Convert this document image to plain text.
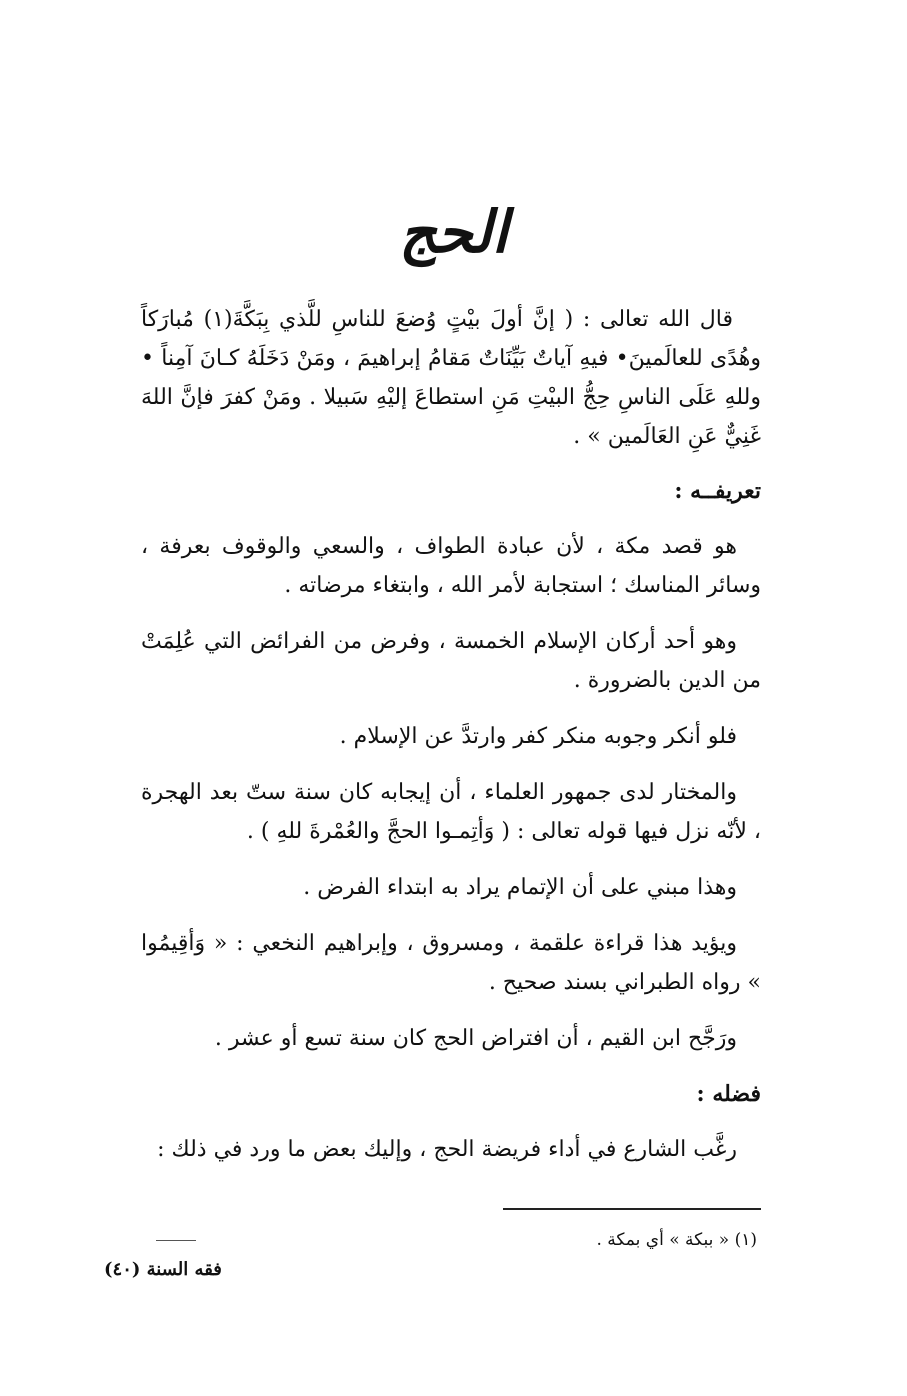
الحج

قال الله تعالى : ( إنَّ أولَ بيْتٍ وُضعَ للناسِ للَّذي بِبَكَّةَ(١) مُبارَكاً وهُدًى للعالَمينَ• فيهِ آياتٌ بَيِّنَاتٌ مَقامُ إبراهيمَ ، ومَنْ دَخَلَهُ كـانَ آمِناً • وللهِ عَلَى الناسِ حِجُّ البيْتِ مَنِ استطاعَ إليْهِ سَبيلا . ومَنْ كفرَ فإنَّ اللهَ غَنِيٌّ عَنِ العَالَمين » .

تعريفــه :

هو قصد مكة ، لأن عبادة الطواف ، والسعي والوقوف بعرفة ، وسائر المناسك ؛ استجابة لأمر الله ، وابتغاء مرضاته .

وهو أحد أركان الإسلام الخمسة ، وفرض من الفرائض التي عُلِمَتْ من الدين بالضرورة .

فلو أنكر وجوبه منكر كفر وارتدَّ عن الإسلام .

والمختار لدى جمهور العلماء ، أن إيجابه كان سنة ستّ بعد الهجرة ، لأنّه نزل فيها قوله تعالى : ( وَأتِمـوا الحجَّ والعُمْرةَ للهِ ) .

وهذا مبني على أن الإتمام يراد به ابتداء الفرض .

ويؤيد هذا قراءة علقمة ، ومسروق ، وإبراهيم النخعي : « وَأقِيمُوا » رواه الطبراني بسند صحيح .

ورَجَّح ابن القيم ، أن افتراض الحج كان سنة تسع أو عشر .

فضله :

رغَّب الشارع في أداء فريضة الحج ، وإليك بعض ما ورد في ذلك :

(١) « ببكة » أي بمكة .

فقه السنة (٤٠)
